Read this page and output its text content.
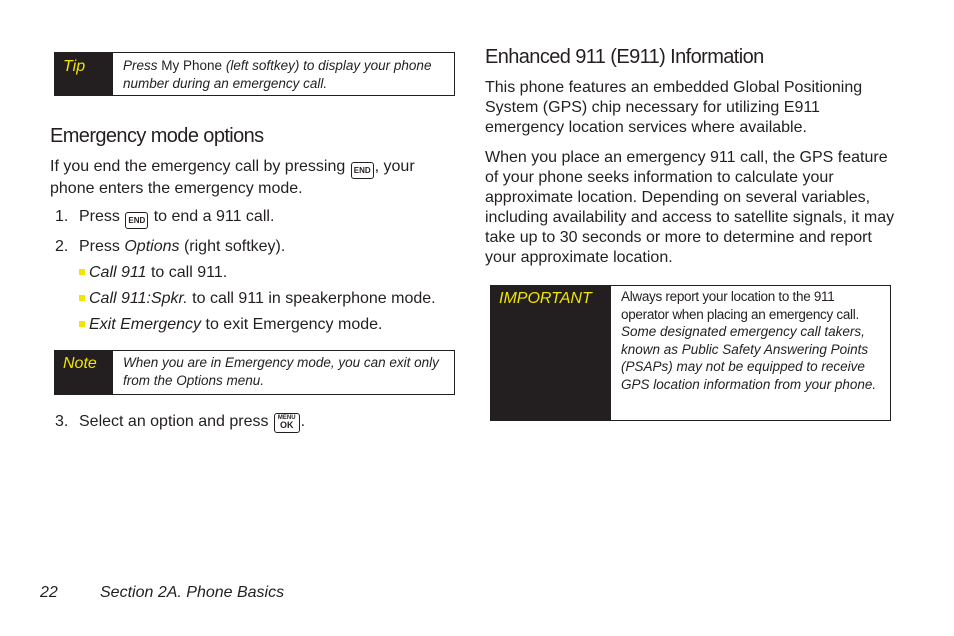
Tip	Press My Phone (left softkey) to display your phone number during an emergency call.
Emergency mode options

If you end the emergency call by pressing END , your phone enters the emergency mode.

1. Press END to end a 911 call.

2. Press Options (right softkey).

Call 911 to call 911.

Call 911:Spkr. to call 911 in speakerphone mode.

Exit Emergency to exit Emergency mode.

Note	When you are in Emergency mode, you can exit only from the Options menu.

3. Select an option and press MENU
OK .

Enhanced 911 (E911) Information

This phone features an embedded Global Positioning System (GPS) chip necessary for utilizing E911 emergency location services where available.

When you place an emergency 911 call, the GPS feature of your phone seeks information to calculate your approximate location. Depending on several variables, including availability and access to satellite signals, it may take up to 30 seconds or more to determine and report your approximate location.

IMPORTANT	Always report your location to the 911 operator when placing an emergency call. Some designated emergency call takers, known as Public Safety Answering Points (PSAPs) may not be equipped to receive GPS location information from your phone.
22	Section 2A. Phone Basics
